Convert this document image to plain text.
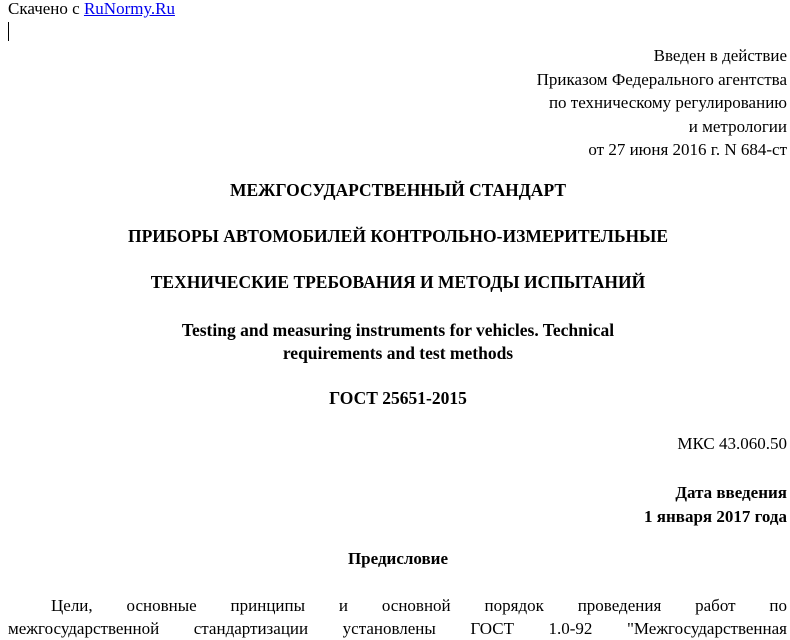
Скачено с RuNormy.Ru
Введен в действие
Приказом Федерального агентства
по техническому регулированию
и метрологии
от 27 июня 2016 г. N 684-ст
МЕЖГОСУДАРСТВЕННЫЙ СТАНДАРТ
ПРИБОРЫ АВТОМОБИЛЕЙ КОНТРОЛЬНО-ИЗМЕРИТЕЛЬНЫЕ
ТЕХНИЧЕСКИЕ ТРЕБОВАНИЯ И МЕТОДЫ ИСПЫТАНИЙ
Testing and measuring instruments for vehicles. Technical
requirements and test methods
ГОСТ 25651-2015
МКС 43.060.50
Дата введения
1 января 2017 года
Предисловие
Цели, основные принципы и основной порядок проведения работ по
межгосударственной стандартизации установлены ГОСТ 1.0-92 "Межгосударственная
